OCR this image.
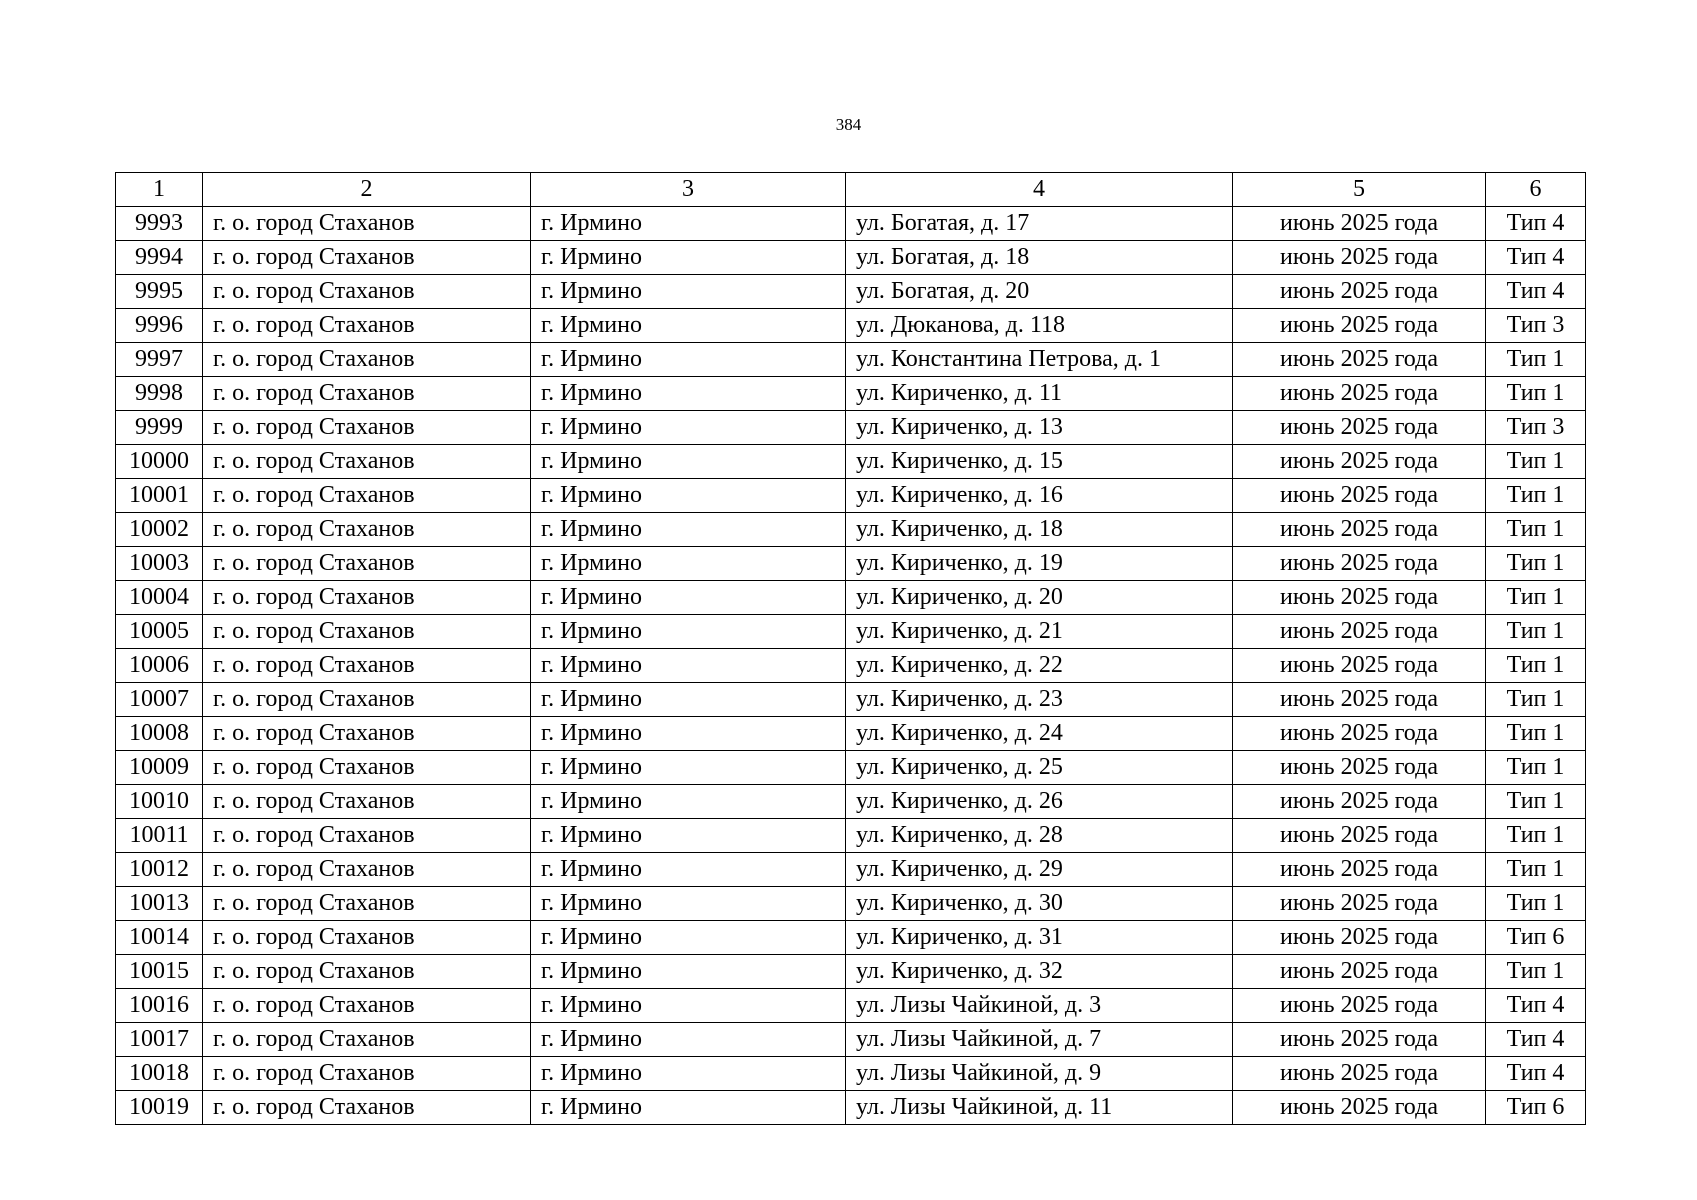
384
1	2	3	4	5	6
9993	г. о. город Стаханов	г. Ирмино	ул. Богатая, д. 17	июнь 2025 года	Тип 4
9994	г. о. город Стаханов	г. Ирмино	ул. Богатая, д. 18	июнь 2025 года	Тип 4
9995	г. о. город Стаханов	г. Ирмино	ул. Богатая, д. 20	июнь 2025 года	Тип 4
9996	г. о. город Стаханов	г. Ирмино	ул. Дюканова, д. 118	июнь 2025 года	Тип 3
9997	г. о. город Стаханов	г. Ирмино	ул. Константина Петрова, д. 1	июнь 2025 года	Тип 1
9998	г. о. город Стаханов	г. Ирмино	ул. Кириченко, д. 11	июнь 2025 года	Тип 1
9999	г. о. город Стаханов	г. Ирмино	ул. Кириченко, д. 13	июнь 2025 года	Тип 3
10000	г. о. город Стаханов	г. Ирмино	ул. Кириченко, д. 15	июнь 2025 года	Тип 1
10001	г. о. город Стаханов	г. Ирмино	ул. Кириченко, д. 16	июнь 2025 года	Тип 1
10002	г. о. город Стаханов	г. Ирмино	ул. Кириченко, д. 18	июнь 2025 года	Тип 1
10003	г. о. город Стаханов	г. Ирмино	ул. Кириченко, д. 19	июнь 2025 года	Тип 1
10004	г. о. город Стаханов	г. Ирмино	ул. Кириченко, д. 20	июнь 2025 года	Тип 1
10005	г. о. город Стаханов	г. Ирмино	ул. Кириченко, д. 21	июнь 2025 года	Тип 1
10006	г. о. город Стаханов	г. Ирмино	ул. Кириченко, д. 22	июнь 2025 года	Тип 1
10007	г. о. город Стаханов	г. Ирмино	ул. Кириченко, д. 23	июнь 2025 года	Тип 1
10008	г. о. город Стаханов	г. Ирмино	ул. Кириченко, д. 24	июнь 2025 года	Тип 1
10009	г. о. город Стаханов	г. Ирмино	ул. Кириченко, д. 25	июнь 2025 года	Тип 1
10010	г. о. город Стаханов	г. Ирмино	ул. Кириченко, д. 26	июнь 2025 года	Тип 1
10011	г. о. город Стаханов	г. Ирмино	ул. Кириченко, д. 28	июнь 2025 года	Тип 1
10012	г. о. город Стаханов	г. Ирмино	ул. Кириченко, д. 29	июнь 2025 года	Тип 1
10013	г. о. город Стаханов	г. Ирмино	ул. Кириченко, д. 30	июнь 2025 года	Тип 1
10014	г. о. город Стаханов	г. Ирмино	ул. Кириченко, д. 31	июнь 2025 года	Тип 6
10015	г. о. город Стаханов	г. Ирмино	ул. Кириченко, д. 32	июнь 2025 года	Тип 1
10016	г. о. город Стаханов	г. Ирмино	ул. Лизы Чайкиной, д. 3	июнь 2025 года	Тип 4
10017	г. о. город Стаханов	г. Ирмино	ул. Лизы Чайкиной, д. 7	июнь 2025 года	Тип 4
10018	г. о. город Стаханов	г. Ирмино	ул. Лизы Чайкиной, д. 9	июнь 2025 года	Тип 4
10019	г. о. город Стаханов	г. Ирмино	ул. Лизы Чайкиной, д. 11	июнь 2025 года	Тип 6
